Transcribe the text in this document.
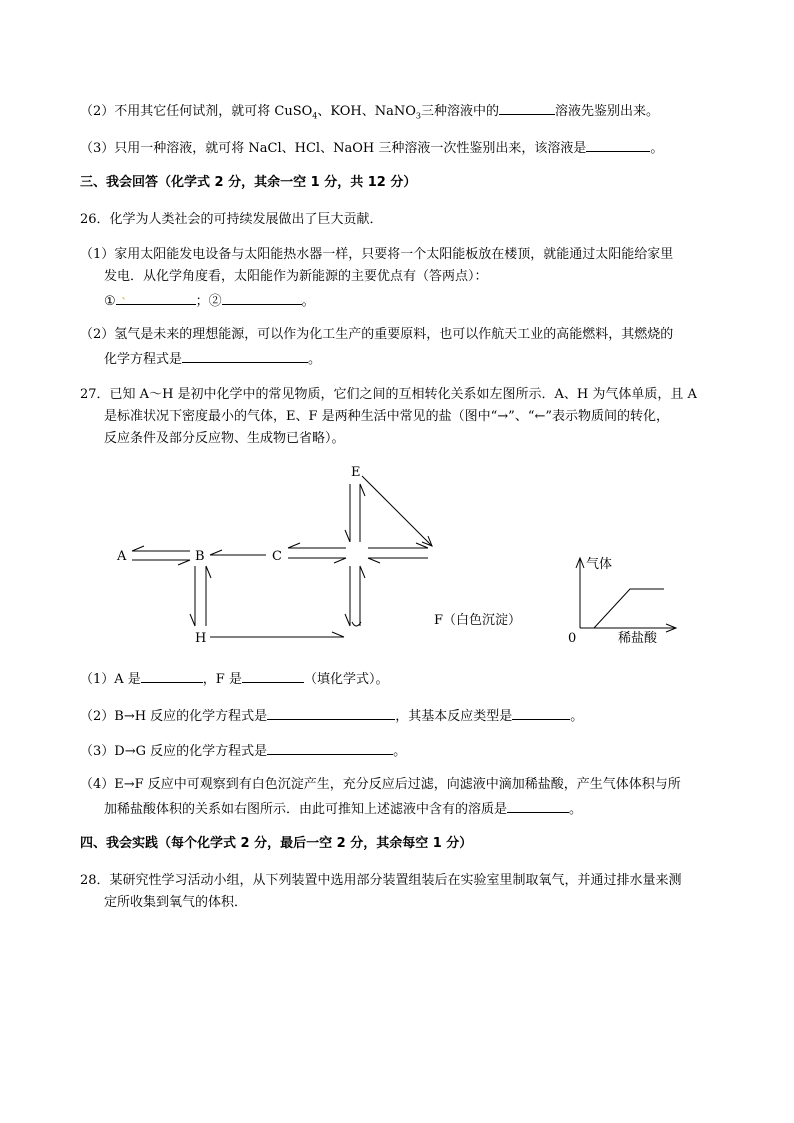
（2）不用其它任何试剂，就可将 CuSO$_4$、KOH、NaNO$_3$三种溶液中的	溶液先鉴别出来。
（3）只用一种溶液，就可将 NaCl、HCl、NaOH 三种溶液一次性鉴别出来，该溶液是	。
三、我会回答（化学式 2 分，其余一空 1 分，共 12 分）
26．化学为人类社会的可持续发展做出了巨大贡献．
（1）家用太阳能发电设备与太阳能热水器一样，只要将一个太阳能板放在楼顶，就能通过太阳能给家里
发电．从化学角度看，太阳能作为新能源的主要优点有（答两点）：
① 、	；②	。
（2）氢气是未来的理想能源，可以作为化工生产的重要原料，也可以作航天工业的高能燃料，其燃烧的
化学方程式是	。
27．已知 A～H 是初中化学中的常见物质，它们之间的互相转化关系如左图所示．A、H 为气体单质，且 A
是标准状况下密度最小的气体，E、F 是两种生活中常见的盐（图中“→”、“←”表示物质间的转化，
反应条件及部分反应物、生成物已省略）。
A	B	C
E
H
F（白色沉淀）
气体
稀盐酸
0
（1）A 是	，F 是	（填化学式）。
（2）B→H 反应的化学方程式是	，其基本反应类型是	。
（3）D→G 反应的化学方程式是	。
（4）E→F 反应中可观察到有白色沉淀产生，充分反应后过滤，向滤液中滴加稀盐酸，产生气体体积与所
加稀盐酸体积的关系如右图所示．由此可推知上述滤液中含有的溶质是	。
四、我会实践（每个化学式 2 分，最后一空 2 分，其余每空 1 分）
28．某研究性学习活动小组，从下列装置中选用部分装置组装后在实验室里制取氧气，并通过排水量来测
定所收集到氧气的体积．
